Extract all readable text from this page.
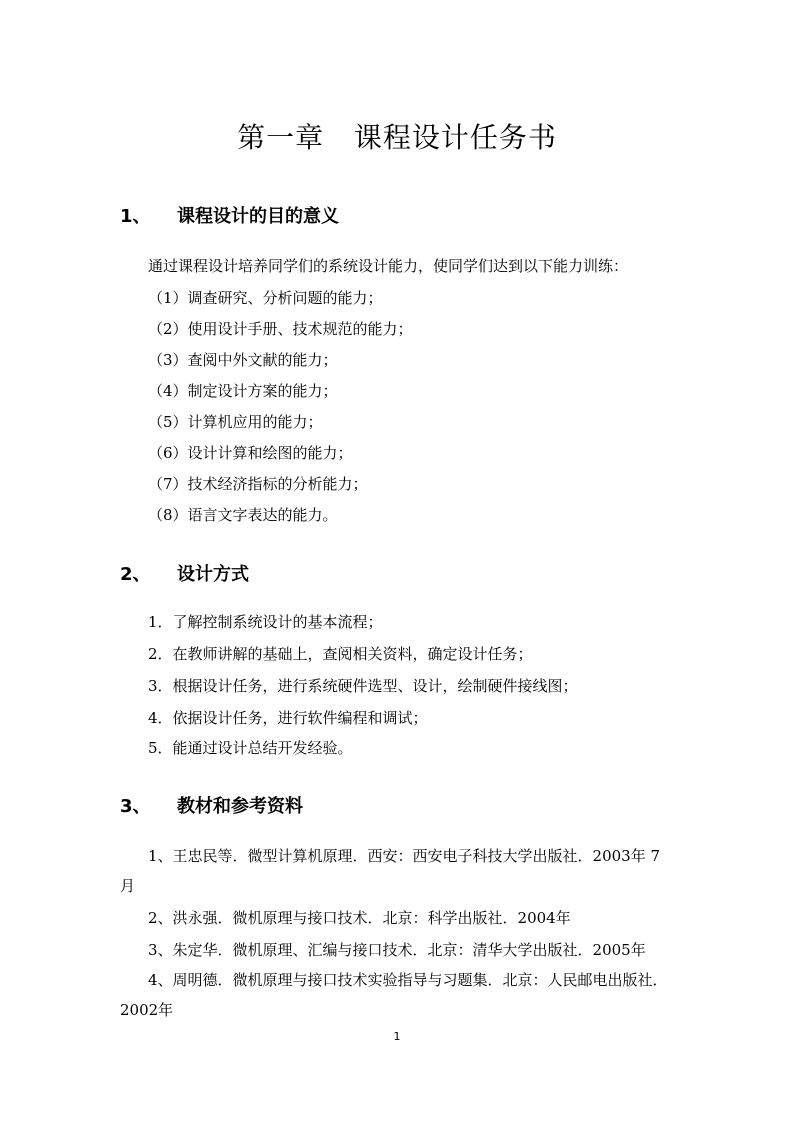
第一章   课程设计任务书
1、 课程设计的目的意义

通过课程设计培养同学们的系统设计能力，使同学们达到以下能力训练：

（1）调查研究、分析问题的能力；

（2）使用设计手册、技术规范的能力；

（3）查阅中外文献的能力；

（4）制定设计方案的能力；

（5）计算机应用的能力；

（6）设计计算和绘图的能力；

（7）技术经济指标的分析能力；

（8）语言文字表达的能力。

2、 设计方式

1．了解控制系统设计的基本流程；

2．在教师讲解的基础上，查阅相关资料，确定设计任务；

3．根据设计任务，进行系统硬件选型、设计，绘制硬件接线图；

4．依据设计任务，进行软件编程和调试；

5．能通过设计总结开发经验。

3、 教材和参考资料

1、王忠民等．微型计算机原理．西安：西安电子科技大学出版社．2003年 7

月

2、洪永强．微机原理与接口技术．北京：科学出版社．2004年

3、朱定华．微机原理、汇编与接口技术．北京：清华大学出版社．2005年

4、周明德．微机原理与接口技术实验指导与习题集．北京：人民邮电出版社．

2002年

1
